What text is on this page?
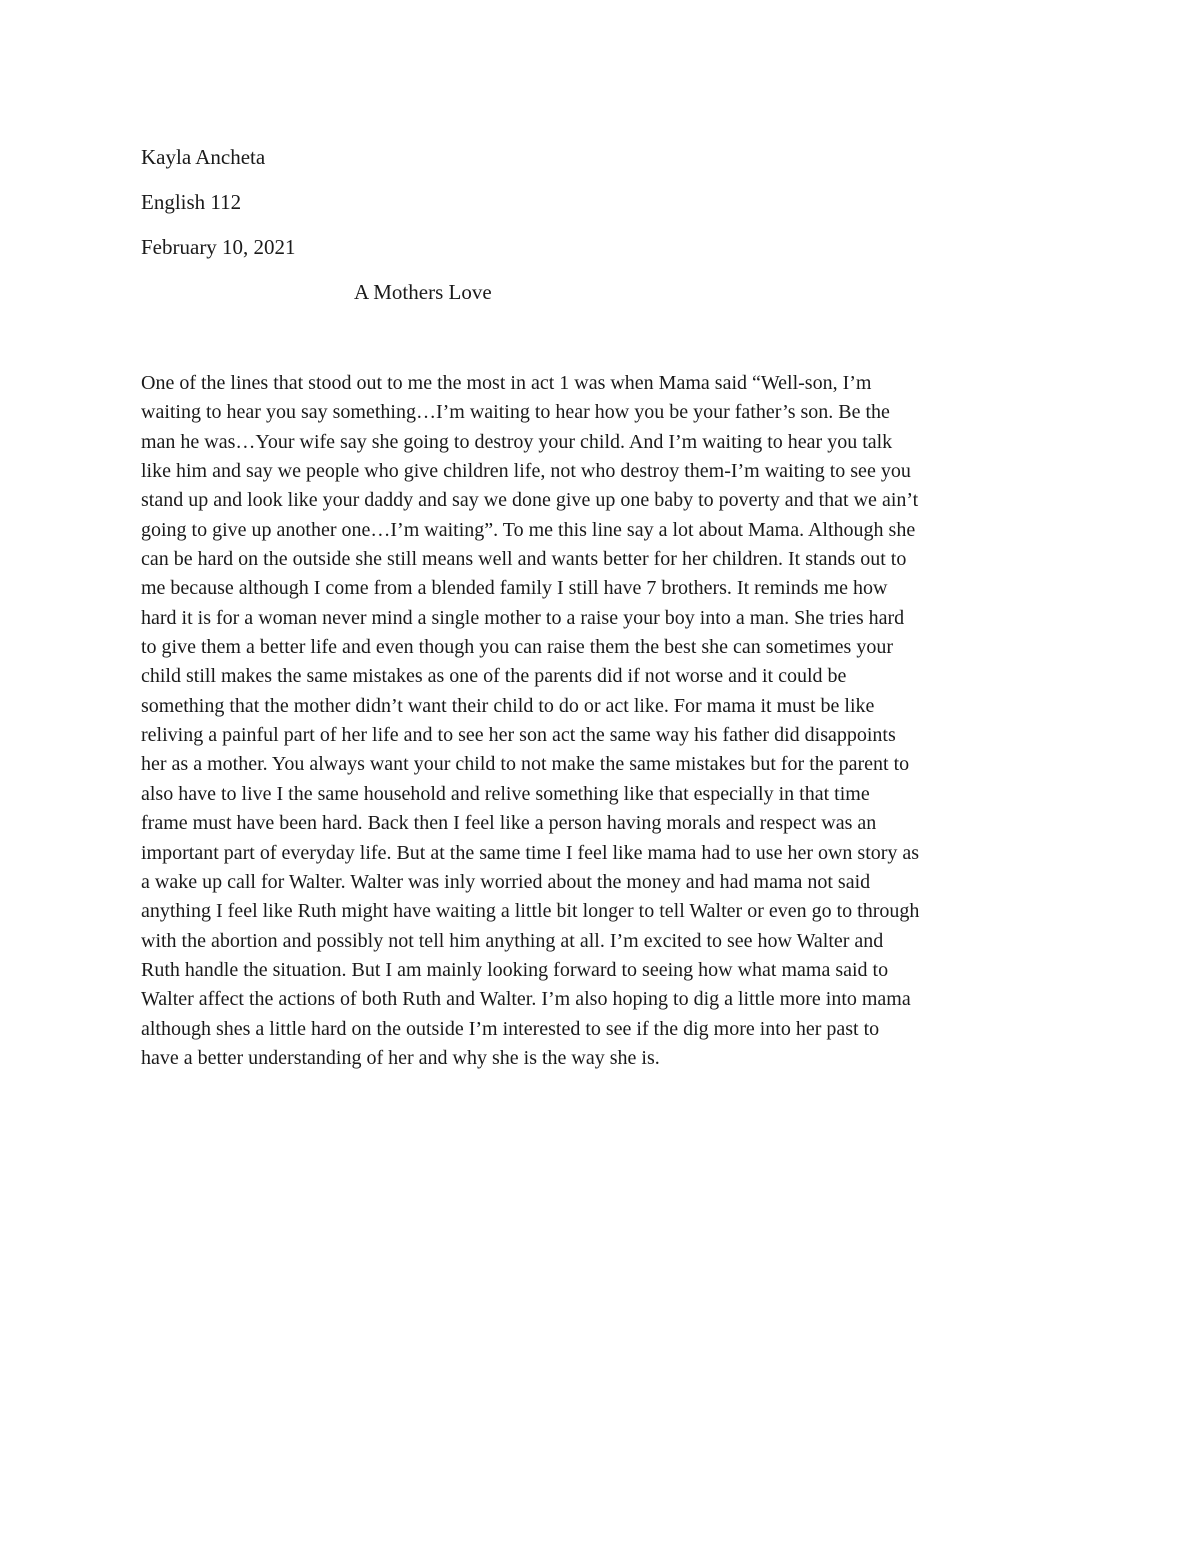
Kayla Ancheta
English 112
February 10, 2021
A Mothers Love
One of the lines that stood out to me the most in act 1 was when Mama said “Well-son, I’m
waiting to hear you say something…I’m waiting to hear how you be your father’s son. Be the
man he was…Your wife say she going to destroy your child. And I’m waiting to hear you talk
like him and say we people who give children life, not who destroy them-I’m waiting to see you
stand up and look like your daddy and say we done give up one baby to poverty and that we ain’t
going to give up another one…I’m waiting”. To me this line say a lot about Mama. Although she
can be hard on the outside she still means well and wants better for her children. It stands out to
me because although I come from a blended family I still have 7 brothers. It reminds me how
hard it is for a woman never mind a single mother to a raise your boy into a man. She tries hard
to give them a better life and even though you can raise them the best she can sometimes your
child still makes the same mistakes as one of the parents did if not worse and it could be
something that the mother didn’t want their child to do or act like. For mama it must be like
reliving a painful part of her life and to see her son act the same way his father did disappoints
her as a mother. You always want your child to not make the same mistakes but for the parent to
also have to live I the same household and relive something like that especially in that time
frame must have been hard. Back then I feel like a person having morals and respect was an
important part of everyday life. But at the same time I feel like mama had to use her own story as
a wake up call for Walter. Walter was inly worried about the money and had mama not said
anything I feel like Ruth might have waiting a little bit longer to tell Walter or even go to through
with the abortion and possibly not tell him anything at all. I’m excited to see how Walter and
Ruth handle the situation. But I am mainly looking forward to seeing how what mama said to
Walter affect the actions of both Ruth and Walter. I’m also hoping to dig a little more into mama
although shes a little hard on the outside I’m interested to see if the dig more into her past to
have a better understanding of her and why she is the way she is.
